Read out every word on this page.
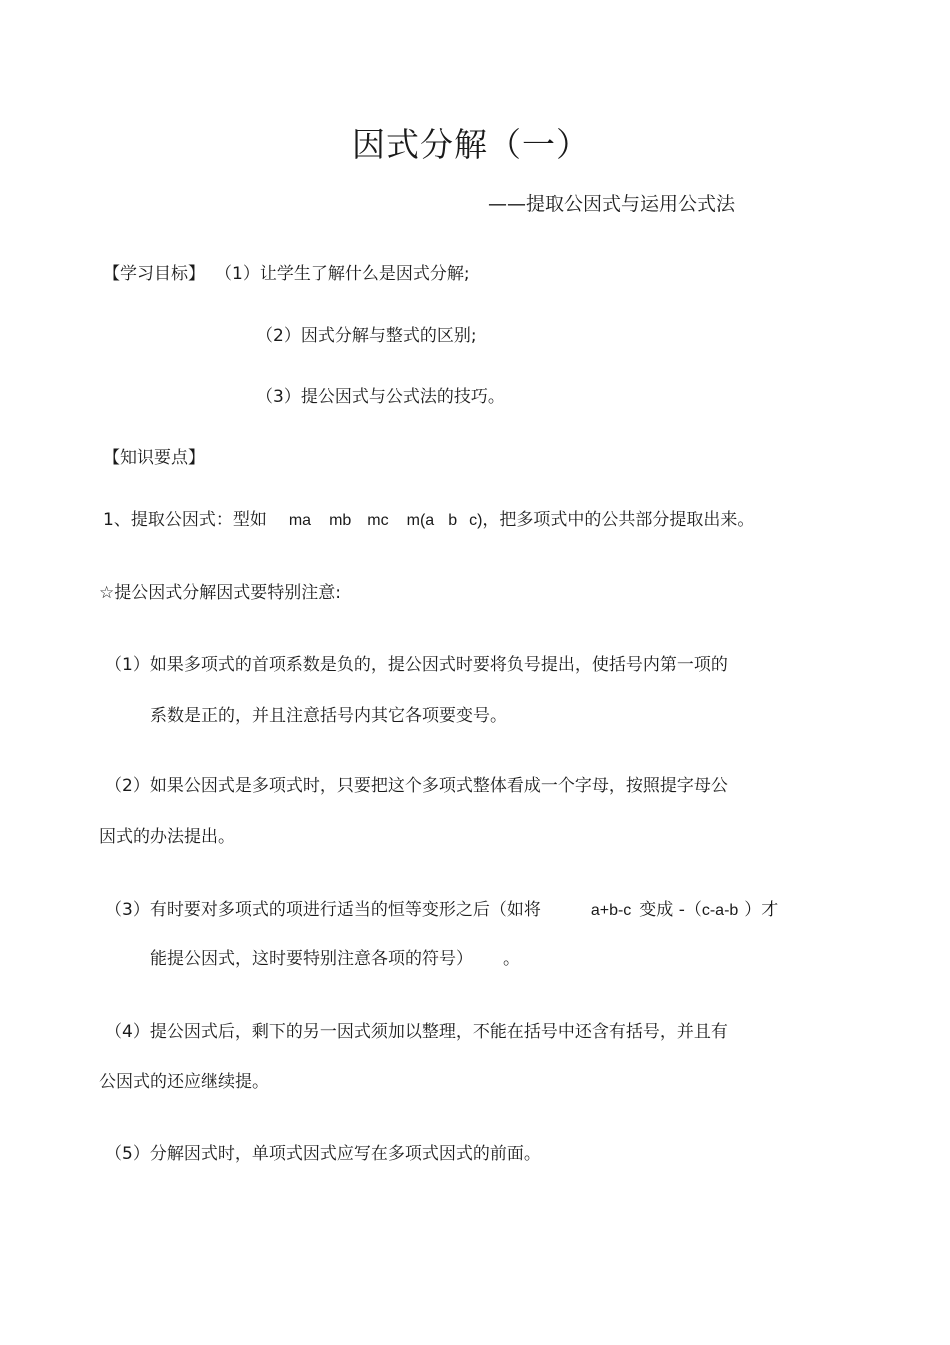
因式分解（一）
——提取公因式与运用公式法
【学习目标】 （1）让学生了解什么是因式分解;
（2）因式分解与整式的区别;
（3）提公因式与公式法的技巧。
【知识要点】
1、提取公因式：型如 ma mb mc m(a b c)，把多项式中的公共部分提取出来。
☆提公因式分解因式要特别注意:
（1）如果多项式的首项系数是负的，提公因式时要将负号提出，使括号内第一项的
系数是正的，并且注意括号内其它各项要变号。
（2）如果公因式是多项式时，只要把这个多项式整体看成一个字母，按照提字母公
因式的办法提出。
（3）有时要对多项式的项进行适当的恒等变形之后（如将	a+b-c 变成 -（c-a-b ）才
能提公因式，这时要特别注意各项的符号） 。
（4）提公因式后，剩下的另一因式须加以整理，不能在括号中还含有括号，并且有
公因式的还应继续提。
（5）分解因式时，单项式因式应写在多项式因式的前面。
